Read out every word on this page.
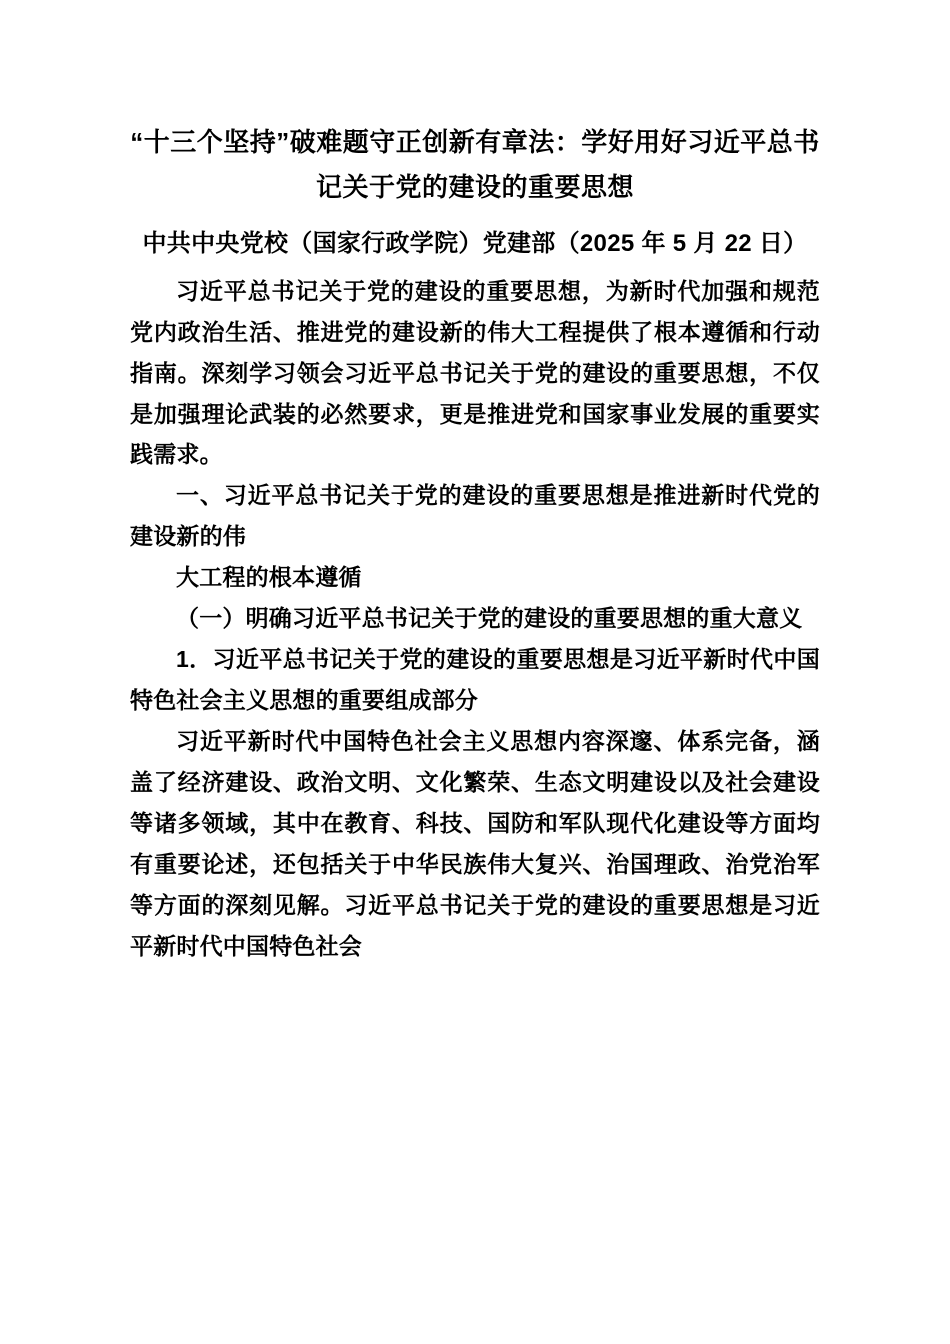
“十三个坚持”破难题守正创新有章法：学好用好习近平总书记关于党的建设的重要思想
中共中央党校（国家行政学院）党建部（2025 年 5 月 22 日）

习近平总书记关于党的建设的重要思想，为新时代加强和规范党内政治生活、推进党的建设新的伟大工程提供了根本遵循和行动指南。深刻学习领会习近平总书记关于党的建设的重要思想，不仅是加强理论武装的必然要求，更是推进党和国家事业发展的重要实践需求。

一、习近平总书记关于党的建设的重要思想是推进新时代党的建设新的伟

大工程的根本遵循

（一）明确习近平总书记关于党的建设的重要思想的重大意义

1．习近平总书记关于党的建设的重要思想是习近平新时代中国特色社会主义思想的重要组成部分

习近平新时代中国特色社会主义思想内容深邃、体系完备，涵盖了经济建设、政治文明、文化繁荣、生态文明建设以及社会建设等诸多领域，其中在教育、科技、国防和军队现代化建设等方面均有重要论述，还包括关于中华民族伟大复兴、治国理政、治党治军等方面的深刻见解。习近平总书记关于党的建设的重要思想是习近平新时代中国特色社会
